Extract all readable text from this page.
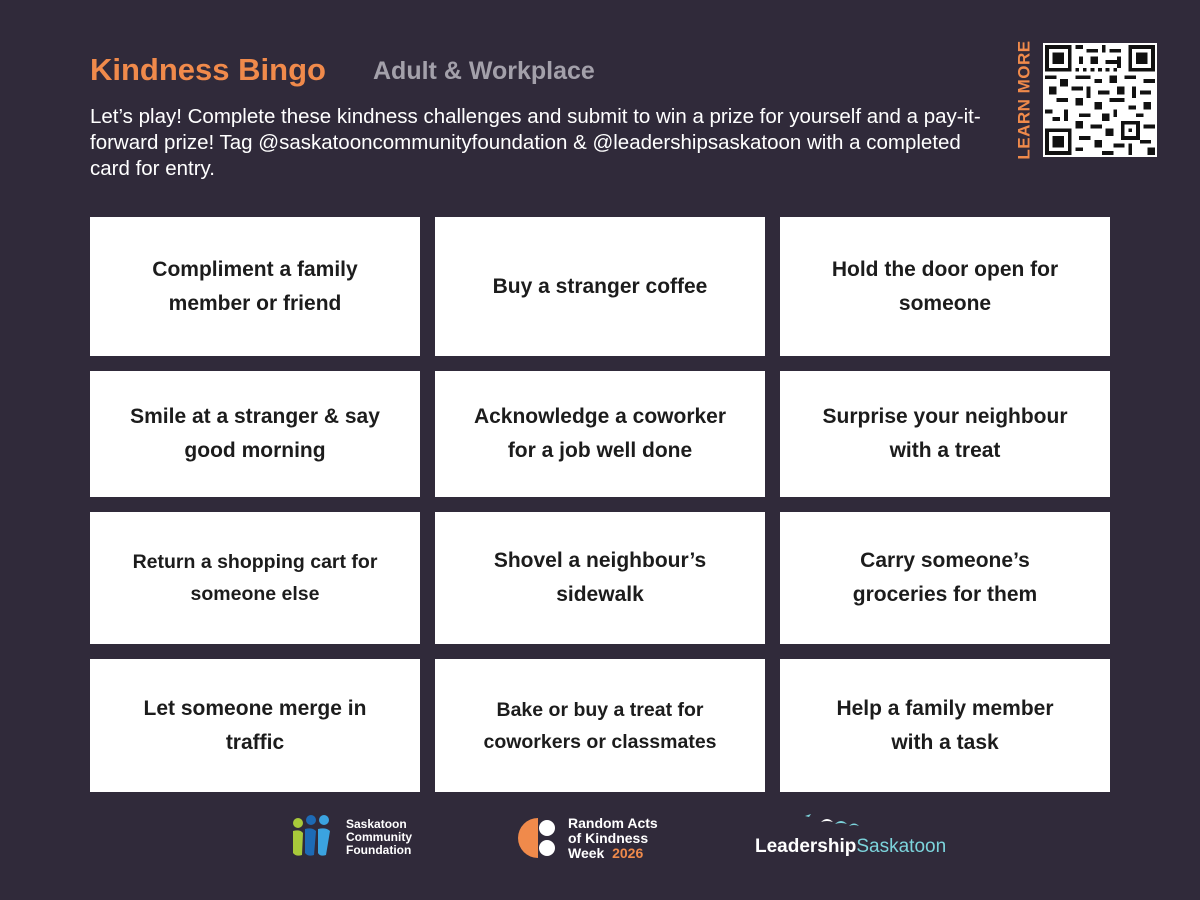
Kindness Bingo Adult & Workplace
Let’s play! Complete these kindness challenges and submit to win a prize for yourself and a pay-it-forward prize! Tag @saskatooncommunityfoundation & @leadershipsaskatoon with a completed card for entry.
LEARN MORE
Compliment a family member or friend
Buy a stranger coffee
Hold the door open for someone
Smile at a stranger & say good morning
Acknowledge a coworker for a job well done
Surprise your neighbour with a treat
Return a shopping cart for someone else
Shovel a neighbour’s sidewalk
Carry someone’s groceries for them
Let someone merge in traffic
Bake or buy a treat for coworkers or classmates
Help a family member with a task
Saskatoon
Community
Foundation
Random Acts
of Kindness
Week 2026	LeadershipSaskatoon
